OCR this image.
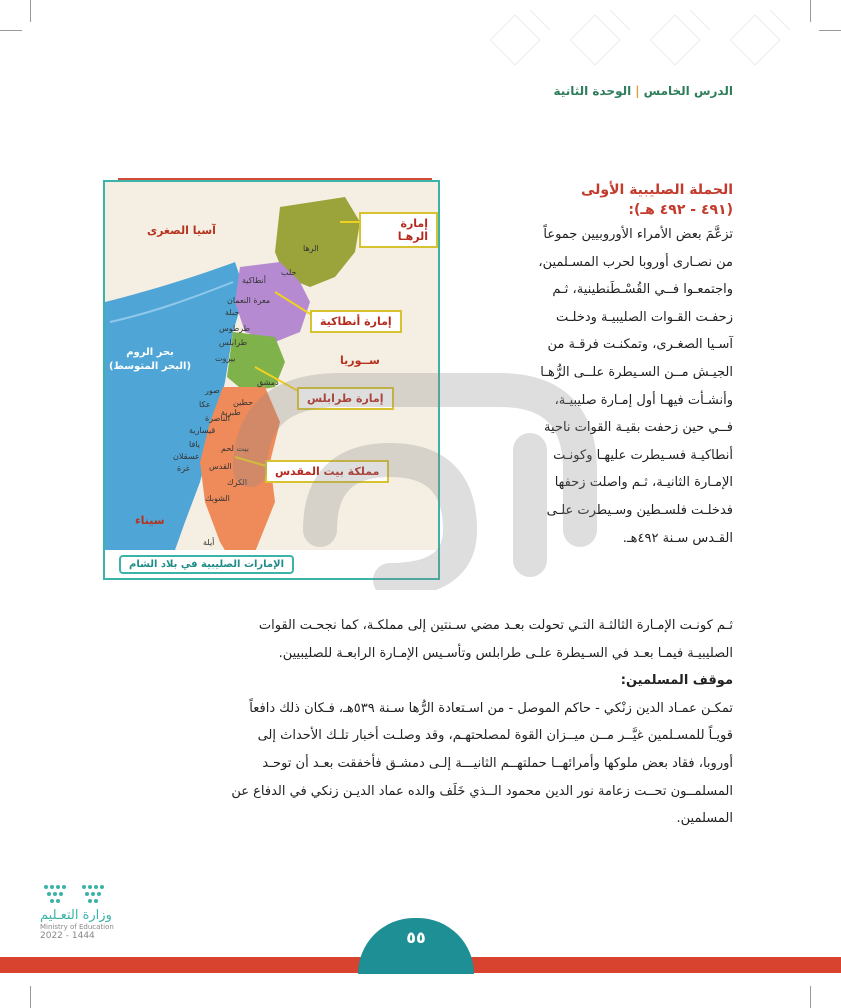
الدرس الخامس|الوحدة الثانية
إمارة الرهـا
إمارة أنطاكية
إمارة طرابلس
مملكة بيت المقدس
آسيا الصغرى
ســوريا
بحر الروم
(البحر المتوسط)
سيناء
الرها
حلب
أنطاكية
معرة النعمان
جبلة
طرطوس
طرابلس
بيروت
دمشق
صور
عكا
طبرية
حطين
الناصرة
قيسارية
يافا
عسقلان
غزة
بيت لحم
القدس
الكرك
الشوبك
أيلة
الإمارات الصليبية في بلاد الشام
الحملة الصليبية الأولى
(٤٩١ - ٤٩٢ هـ):
تزعَّمَ بعض الأمراء الأوروبيين جموعاً
من نصـارى أوروبا لحرب المسـلمين،
واجتمعـوا فــي القُسْـطَنطينية، ثـم
زحفـت القـوات الصليبيـة ودخلـت
آسـيا الصغـرى، وتمكنـت فرقـة من
الجيـش مــن السـيطرة علــى الرُّهـا
وأنشـأت فيهـا أول إمـارة صليبيـة،
فــي حين زحفت بقيـة القوات ناحية
أنطاكيـة فسـيطرت عليهـا وكونـت
الإمـارة الثانيـة، ثـم واصلت زحفها
فدخلـت فلسـطين وسـيطرت علـى
القـدس سـنة ٤٩٢هـ.
ثـم كونـت الإمـارة الثالثـة التـي تحولت بعـد مضي سـنتين إلى مملكـة، كما نجحـت القوات
الصليبيـة فيمـا بعـد في السـيطرة علـى طرابلس وتأسـيس الإمـارة الرابعـة للصليبيين.
موقف المسلمين:
تمكـن عمـاد الدين زنْكي - حاكم الموصل - من اسـتعادة الرُّها سـنة ٥٣٩هـ، فـكان ذلك دافعاً
قويـاً للمسـلمين غيَّــر مــن ميــزان القوة لمصلحتهـم، وقد وصلـت أخبار تلـك الأحداث إلى
أوروبا، فقاد بعض ملوكها وأمرائهــا حملتهــم الثانيـــة إلـى دمشـق فأخفقت بعـد أن توحـد
المسلمــون تحــت زعامة نور الدين محمود الــذي خَلَف والده عماد الديـن زنكي في الدفاع عن
المسلمين.
وزارة التعـليم
Ministry of Education
2022 - 1444	٥٥
